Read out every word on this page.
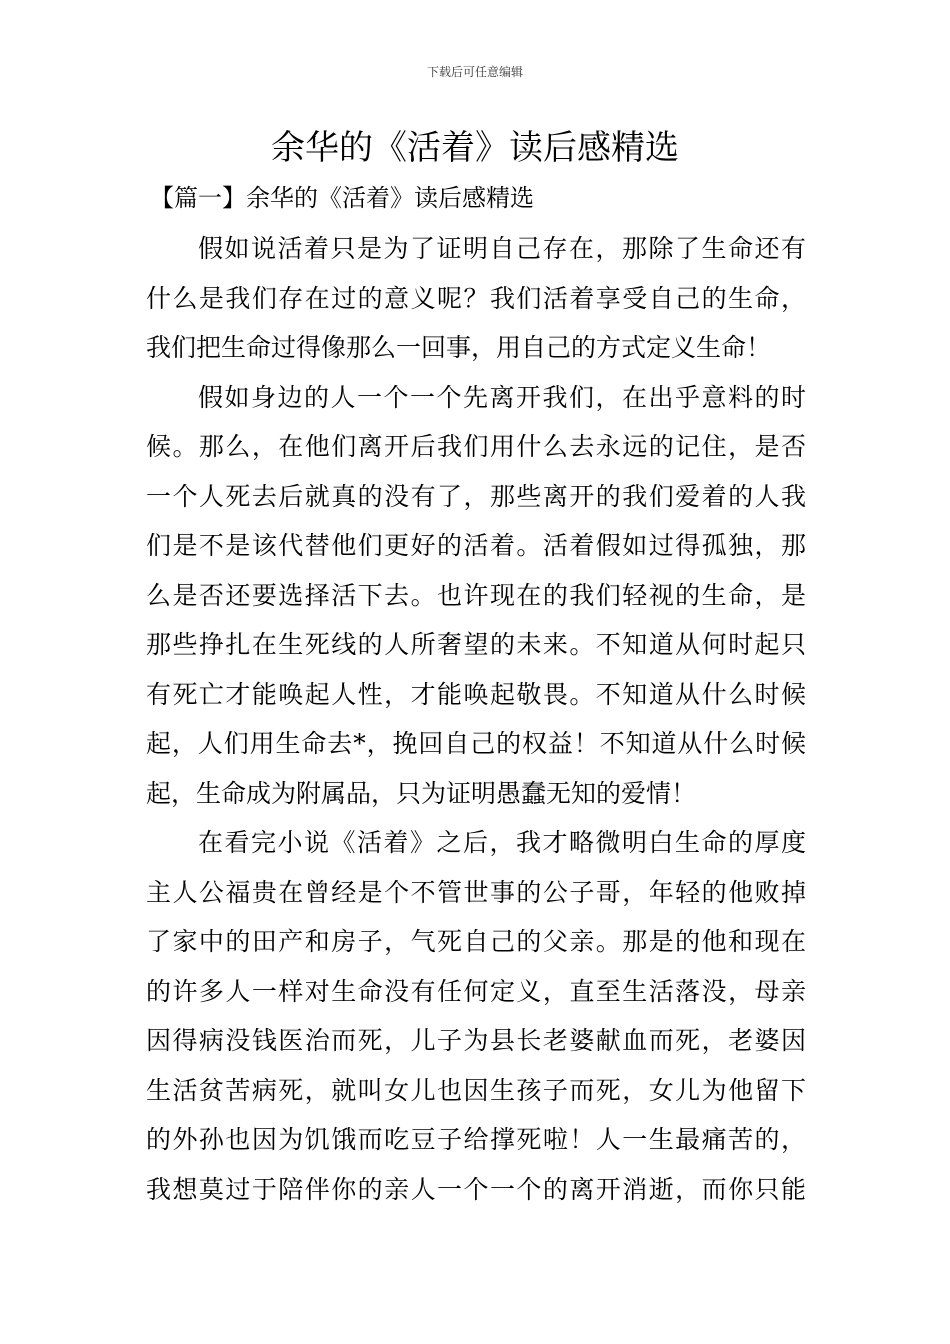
下载后可任意编辑
余华的《活着》读后感精选
【篇一】余华的《活着》读后感精选

假如说活着只是为了证明自己存在，那除了生命还有
什么是我们存在过的意义呢？我们活着享受自己的生命，
我们把生命过得像那么一回事，用自己的方式定义生命！

假如身边的人一个一个先离开我们，在出乎意料的时
候。那么，在他们离开后我们用什么去永远的记住，是否
一个人死去后就真的没有了，那些离开的我们爱着的人我
们是不是该代替他们更好的活着。活着假如过得孤独，那
么是否还要选择活下去。也许现在的我们轻视的生命，是
那些挣扎在生死线的人所奢望的未来。不知道从何时起只
有死亡才能唤起人性，才能唤起敬畏。不知道从什么时候
起，人们用生命去*，挽回自己的权益！不知道从什么时候
起，生命成为附属品，只为证明愚蠢无知的爱情！

在看完小说《活着》之后，我才略微明白生命的厚度
主人公福贵在曾经是个不管世事的公子哥，年轻的他败掉
了家中的田产和房子，气死自己的父亲。那是的他和现在
的许多人一样对生命没有任何定义，直至生活落没，母亲
因得病没钱医治而死，儿子为县长老婆献血而死，老婆因
生活贫苦病死，就叫女儿也因生孩子而死，女儿为他留下
的外孙也因为饥饿而吃豆子给撑死啦！人一生最痛苦的，
我想莫过于陪伴你的亲人一个一个的离开消逝，而你只能
